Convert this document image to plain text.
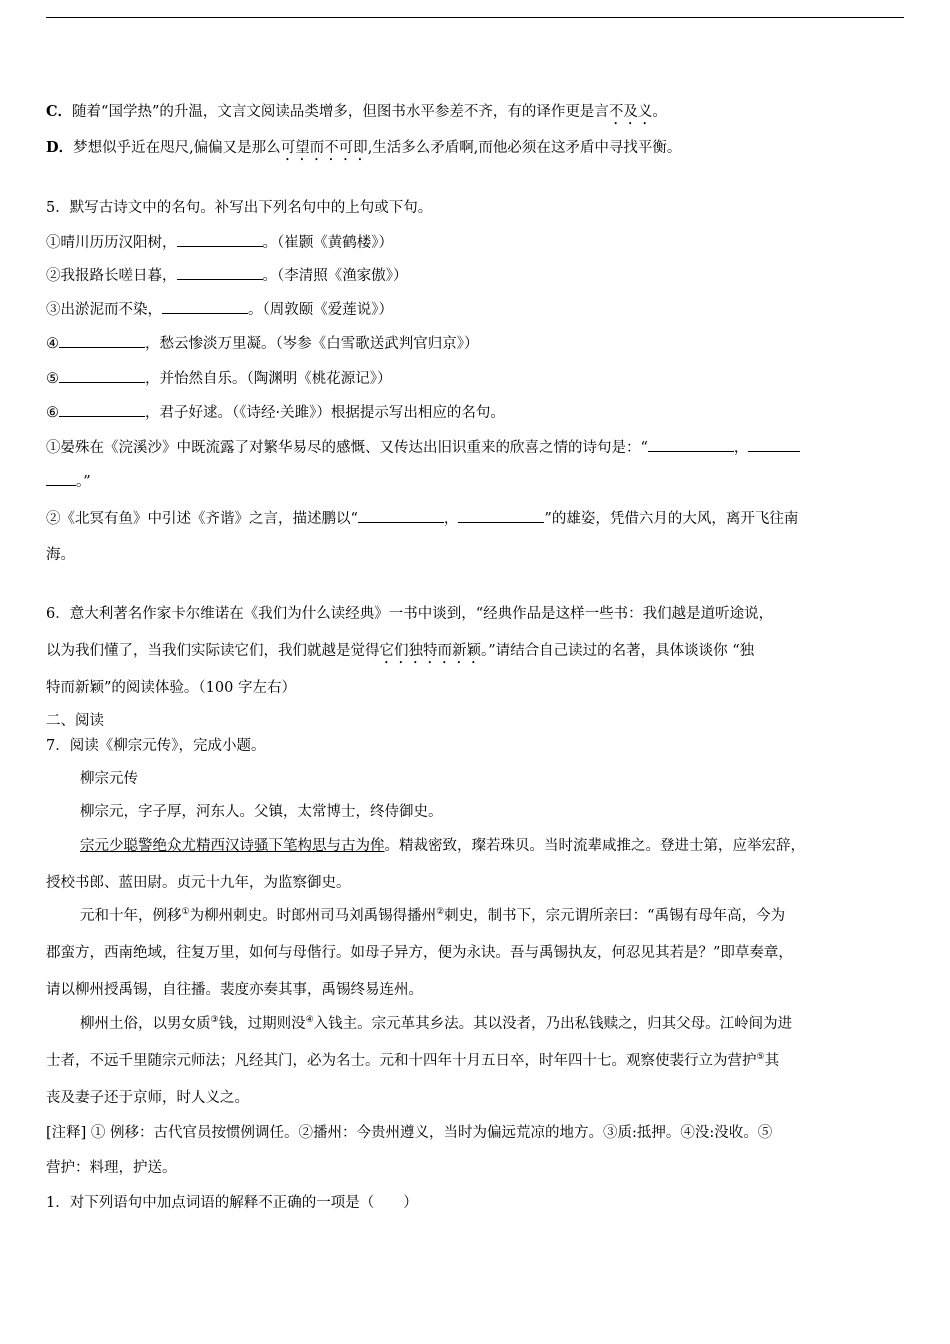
C．随着“国学热”的升温，文言文阅读品类增多，但图书水平参差不齐，有的译作更是言不及义。
D．梦想似乎近在咫尺,偏偏又是那么可望而不可即,生活多么矛盾啊,而他必须在这矛盾中寻找平衡。
5．默写古诗文中的名句。补写出下列名句中的上句或下句。
①晴川历历汉阳树，	。（崔颢《黄鹤楼》）
②我报路长嗟日暮，	。（李清照《渔家傲》）
③出淤泥而不染，	。（周敦颐《爱莲说》）
④	，愁云惨淡万里凝。（岑参《白雪歌送武判官归京》）
⑤	，并怡然自乐。（陶渊明《桃花源记》）
⑥	，君子好逑。（《诗经·关雎》）根据提示写出相应的名句。
①晏殊在《浣溪沙》中既流露了对繁华易尽的感慨、又传达出旧识重来的欣喜之情的诗句是：“	，
。”
②《北冥有鱼》中引述《齐谐》之言，描述鹏以“	，	”的雄姿，凭借六月的大风，离开飞往南
海。
6．意大利著名作家卡尔维诺在《我们为什么读经典》一书中谈到，“经典作品是这样一些书：我们越是道听途说，
以为我们懂了，当我们实际读它们，我们就越是觉得它们独特而新颖。”请结合自己读过的名著，具体谈谈你 “独
特而新颖”的阅读体验。（100 字左右）
二、阅读
7．阅读《柳宗元传》，完成小题。
柳宗元传
柳宗元，字子厚，河东人。父镇，太常博士，终侍御史。
宗元少聪警绝众尤精西汉诗骚下笔构思与古为侔。精裁密致，璨若珠贝。当时流辈咸推之。登进士第，应举宏辞，
授校书郎、蓝田尉。贞元十九年，为监察御史。
元和十年，例移①为柳州刺史。时郎州司马刘禹锡得播州②刺史，制书下，宗元谓所亲曰：“禹锡有母年高，今为
郡蛮方，西南绝域，往复万里，如何与母偕行。如母子异方，便为永诀。吾与禹锡执友，何忍见其若是？”即草奏章，
请以柳州授禹锡，自往播。裴度亦奏其事，禹锡终易连州。
柳州土俗，以男女质③钱，过期则没④入钱主。宗元革其乡法。其以没者，乃出私钱赎之，归其父母。江岭间为进
士者，不远千里随宗元师法；凡经其门，必为名士。元和十四年十月五日卒，时年四十七。观察使裴行立为营护⑤其
丧及妻子还于京师，时人义之。
[注释] ① 例移：古代官员按惯例调任。②播州：今贵州遵义，当时为偏远荒凉的地方。③质:抵押。④没:没收。⑤
营护：料理，护送。
1．对下列语句中加点词语的解释不正确的一项是（　　）
